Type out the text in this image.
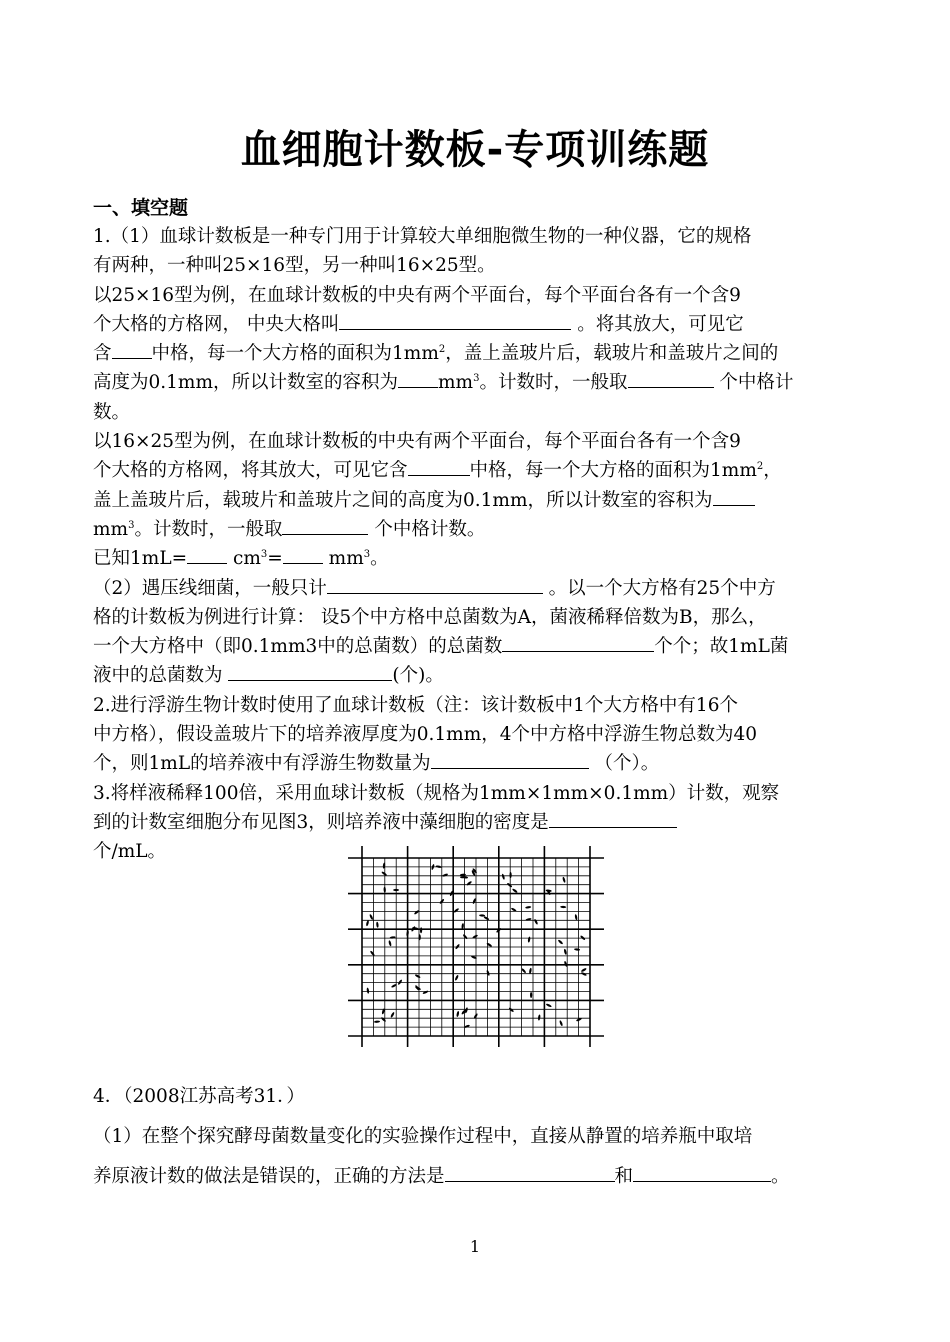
血细胞计数板-专项训练题
一、填空题
1.（1）血球计数板是一种专门用于计算较大单细胞微生物的一种仪器，它的规格
有两种，一种叫25×16型，另一种叫16×25型。
以25×16型为例，在血球计数板的中央有两个平面台，每个平面台各有一个含9
个大格的方格网， 中央大格叫	。将其放大，可见它
含 中格，每一个大方格的面积为$1mm^2$，盖上盖玻片后，载玻片和盖玻片之间的
高度为0.1mm，所以计数室的容积为 $mm^3$。计数时，一般取	个中格计
数。
以16×25型为例，在血球计数板的中央有两个平面台，每个平面台各有一个含9
个大格的方格网，将其放大，可见它含	中格，每一个大方格的面积为$1mm^2$，
盖上盖玻片后，载玻片和盖玻片之间的高度为0.1mm，所以计数室的容积为
$mm^3$。计数时，一般取	个中格计数。
已知$1mL= cm^3= mm^3$。
（2）遇压线细菌，一般只计	。以一个大方格有25个中方
格的计数板为例进行计算： 设5个中方格中总菌数为A，菌液稀释倍数为B，那么，
一个大方格中（即0.1mm3中的总菌数）的总菌数	个个；故1mL菌
液中的总菌数为	(个)。
2.进行浮游生物计数时使用了血球计数板（注：该计数板中1个大方格中有16个
中方格），假设盖玻片下的培养液厚度为0.1mm，4个中方格中浮游生物总数为40
个，则1mL的培养液中有浮游生物数量为	（个）。
3.将样液稀释100倍，采用血球计数板（规格为1mm×1mm×0.1mm）计数，观察
到的计数室细胞分布见图3，则培养液中藻细胞的密度是
个/mL。
4．（2008江苏高考31．）
（1）在整个探究酵母菌数量变化的实验操作过程中，直接从静置的培养瓶中取培
养原液计数的做法是错误的，正确的方法是	和	。
1
